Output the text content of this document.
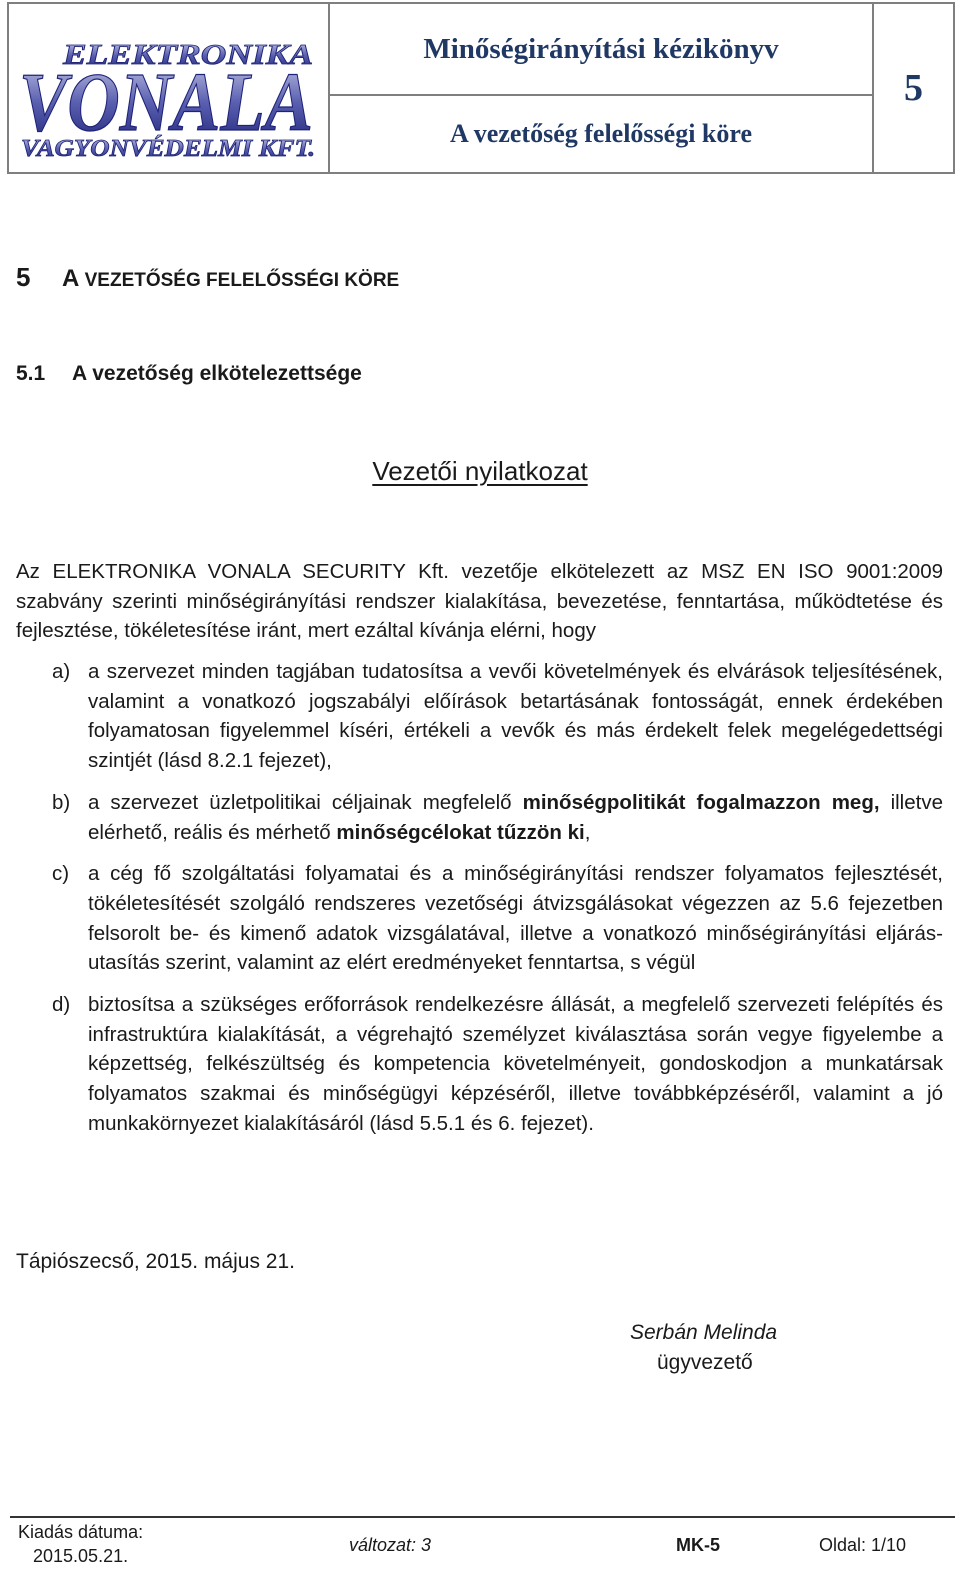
ELEKTRONIKA
VONALA
VAGYONVÉDELMI KFT.
Minőségirányítási kézikönyv
A vezetőség felelősségi köre
5
5 A VEZETŐSÉG FELELŐSSÉGI KÖRE
5.1 A vezetőség elkötelezettsége
Vezetői nyilatkozat
Az ELEKTRONIKA VONALA SECURITY Kft. vezetője elkötelezett az MSZ EN ISO 9001:2009 szabvány szerinti minőségirányítási rendszer kialakítása, bevezetése, fenntartása, működtetése és fejlesztése, tökéletesítése iránt, mert ezáltal kívánja elérni, hogy
a) a szervezet minden tagjában tudatosítsa a vevői követelmények és elvárások teljesítésének, valamint a vonatkozó jogszabályi előírások betartásának fontosságát, ennek érdekében folyamatosan figyelemmel kíséri, értékeli a vevők és más érdekelt felek megelégedettségi szintjét (lásd 8.2.1 fejezet),
b) a szervezet üzletpolitikai céljainak megfelelő minőségpolitikát fogalmazzon meg, illetve elérhető, reális és mérhető minőségcélokat tűzzön ki,
c) a cég fő szolgáltatási folyamatai és a minőségirányítási rendszer folyamatos fejlesztését, tökéletesítését szolgáló rendszeres vezetőségi átvizsgálásokat végezzen az 5.6 fejezetben felsorolt be- és kimenő adatok vizsgálatával, illetve a vonatkozó minőségirányítási eljárás-utasítás szerint, valamint az elért eredményeket fenntartsa, s végül
d) biztosítsa a szükséges erőforrások rendelkezésre állását, a megfelelő szervezeti felépítés és infrastruktúra kialakítását, a végrehajtó személyzet kiválasztása során vegye figyelembe a képzettség, felkészültség és kompetencia követelményeit, gondoskodjon a munkatársak folyamatos szakmai és minőségügyi képzéséről, illetve továbbképzéséről, valamint a jó munkakörnyezet kialakításáról (lásd 5.5.1 és 6. fejezet).
Tápiószecső, 2015. május 21.
Serbán Melinda
ügyvezető
Kiadás dátuma:
2015.05.21.
változat: 3	MK-5	Oldal: 1/10
